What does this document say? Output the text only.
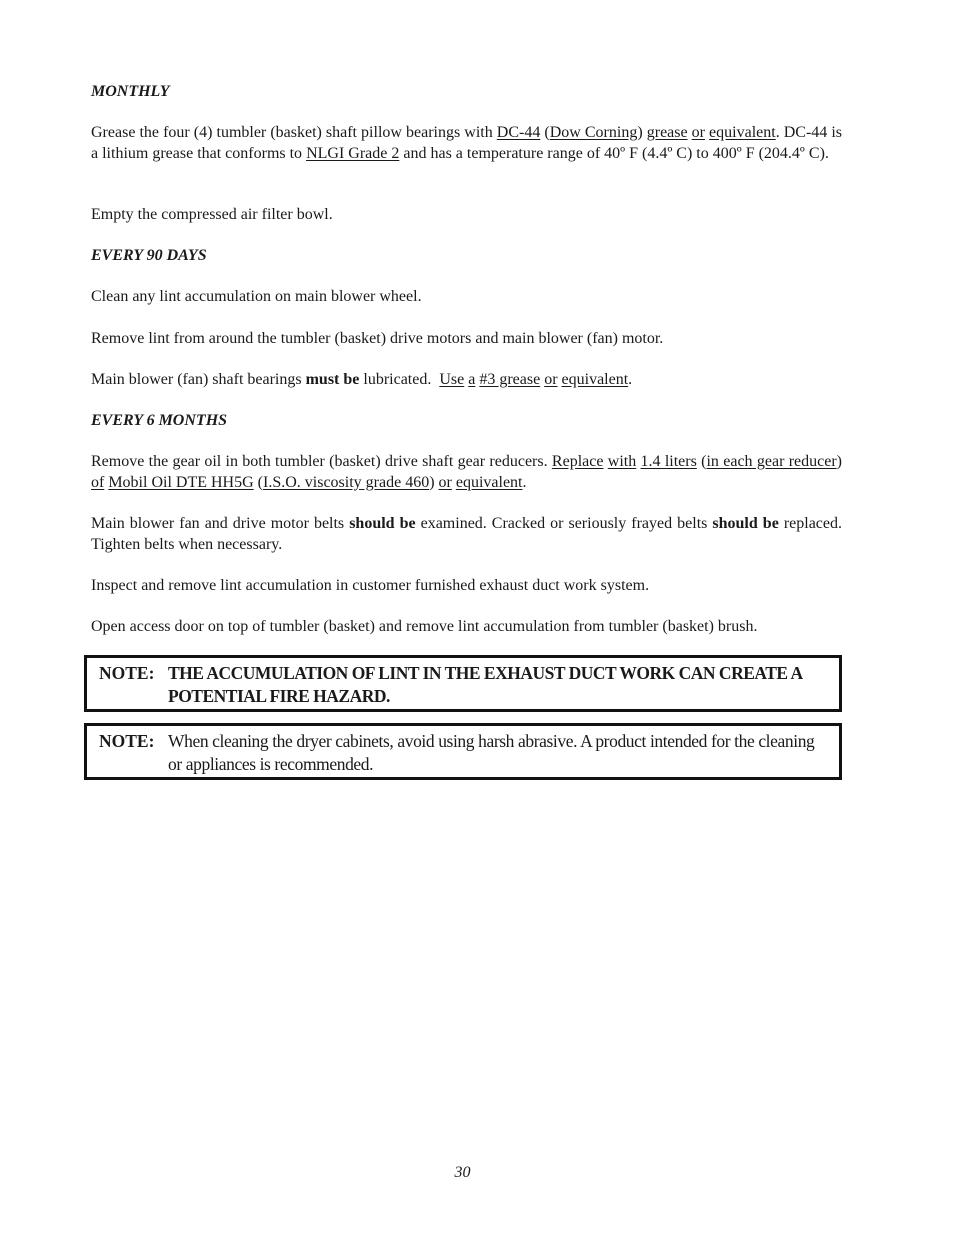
MONTHLY

Grease the four (4) tumbler (basket) shaft pillow bearings with DC-44 (Dow Corning) grease or equivalent. DC-44 is a lithium grease that conforms to NLGI Grade 2 and has a temperature range of 40º F (4.4º C) to 400º F (204.4º C).

Empty the compressed air filter bowl.

EVERY 90 DAYS

Clean any lint accumulation on main blower wheel.

Remove lint from around the tumbler (basket) drive motors and main blower (fan) motor.

Main blower (fan) shaft bearings must be lubricated.  Use a #3 grease or equivalent.

EVERY 6 MONTHS

Remove the gear oil in both tumbler (basket) drive shaft gear reducers. Replace with 1.4 liters (in each gear reducer) of Mobil Oil DTE HH5G (I.S.O. viscosity grade 460) or equivalent.

Main blower fan and drive motor belts should be examined. Cracked or seriously frayed belts should be replaced. Tighten belts when necessary.

Inspect and remove lint accumulation in customer furnished exhaust duct work system.

Open access door on top of tumbler (basket) and remove lint accumulation from tumbler (basket) brush.

NOTE: THE ACCUMULATION OF LINT IN THE EXHAUST DUCT WORK CAN CREATE A POTENTIAL FIRE HAZARD.
NOTE: When cleaning the dryer cabinets, avoid using harsh abrasive. A product intended for the cleaning or appliances is recommended.
30
